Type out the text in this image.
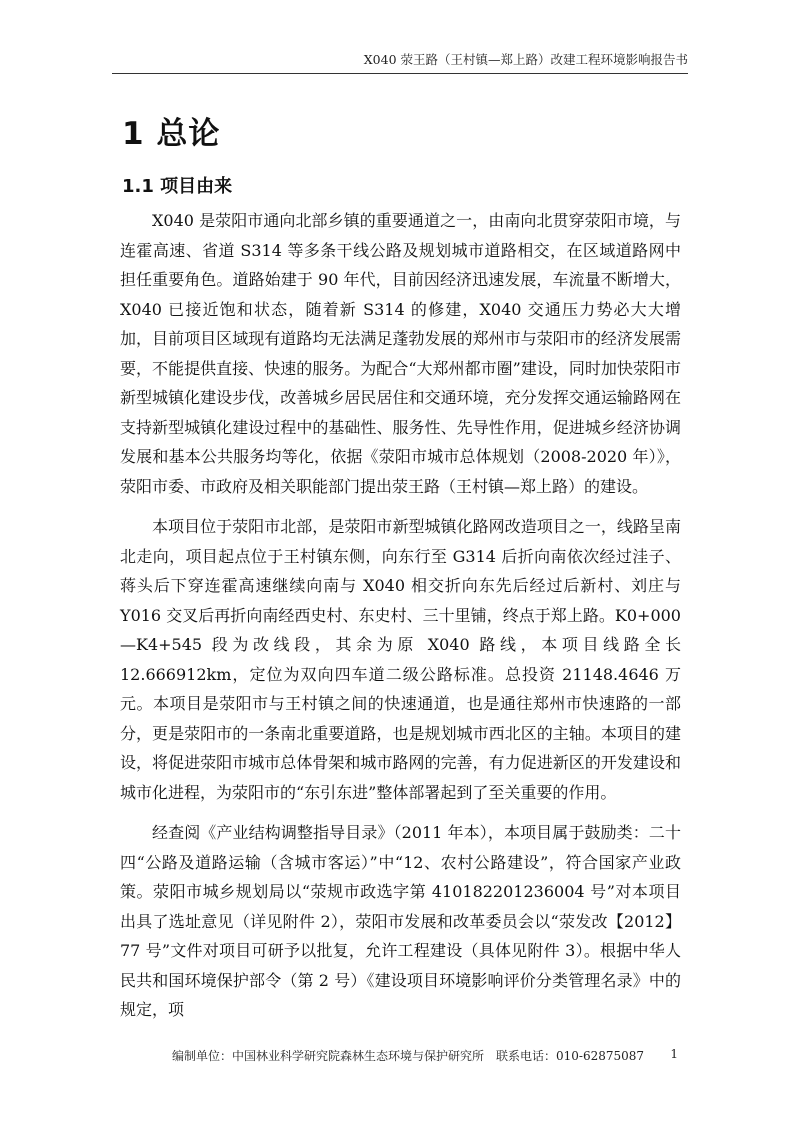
X040 荥王路（王村镇—郑上路）改建工程环境影响报告书
1 总论
1.1 项目由来

X040 是荥阳市通向北部乡镇的重要通道之一，由南向北贯穿荥阳市境，与连霍高速、省道 S314 等多条干线公路及规划城市道路相交，在区域道路网中担任重要角色。道路始建于 90 年代，目前因经济迅速发展，车流量不断增大，X040 已接近饱和状态，随着新 S314 的修建，X040 交通压力势必大大增加，目前项目区域现有道路均无法满足蓬勃发展的郑州市与荥阳市的经济发展需要，不能提供直接、快速的服务。为配合“大郑州都市圈”建设，同时加快荥阳市新型城镇化建设步伐，改善城乡居民居住和交通环境，充分发挥交通运输路网在支持新型城镇化建设过程中的基础性、服务性、先导性作用，促进城乡经济协调发展和基本公共服务均等化，依据《荥阳市城市总体规划（2008-2020 年）》，荥阳市委、市政府及相关职能部门提出荥王路（王村镇—郑上路）的建设。

本项目位于荥阳市北部，是荥阳市新型城镇化路网改造项目之一，线路呈南北走向，项目起点位于王村镇东侧，向东行至 G314 后折向南依次经过洼子、蒋头后下穿连霍高速继续向南与 X040 相交折向东先后经过后新村、刘庄与 Y016 交叉后再折向南经西史村、东史村、三十里铺，终点于郑上路。K0+000—K4+545 段为改线段，其余为原 X040 路线，本项目线路全长 12.666912km，定位为双向四车道二级公路标准。总投资 21148.4646 万元。本项目是荥阳市与王村镇之间的快速通道，也是通往郑州市快速路的一部分，更是荥阳市的一条南北重要道路，也是规划城市西北区的主轴。本项目的建设，将促进荥阳市城市总体骨架和城市路网的完善，有力促进新区的开发建设和城市化进程，为荥阳市的“东引东进”整体部署起到了至关重要的作用。

经查阅《产业结构调整指导目录》（2011 年本），本项目属于鼓励类：二十四“公路及道路运输（含城市客运）”中“12、农村公路建设”，符合国家产业政策。荥阳市城乡规划局以“荥规市政选字第 410182201236004 号”对本项目出具了选址意见（详见附件 2），荥阳市发展和改革委员会以“荥发改【2012】77 号”文件对项目可研予以批复，允许工程建设（具体见附件 3）。根据中华人民共和国环境保护部令（第 2 号）《建设项目环境影响评价分类管理名录》中的规定，项

编制单位：中国林业科学研究院森林生态环境与保护研究所　联系电话：010-62875087 1
